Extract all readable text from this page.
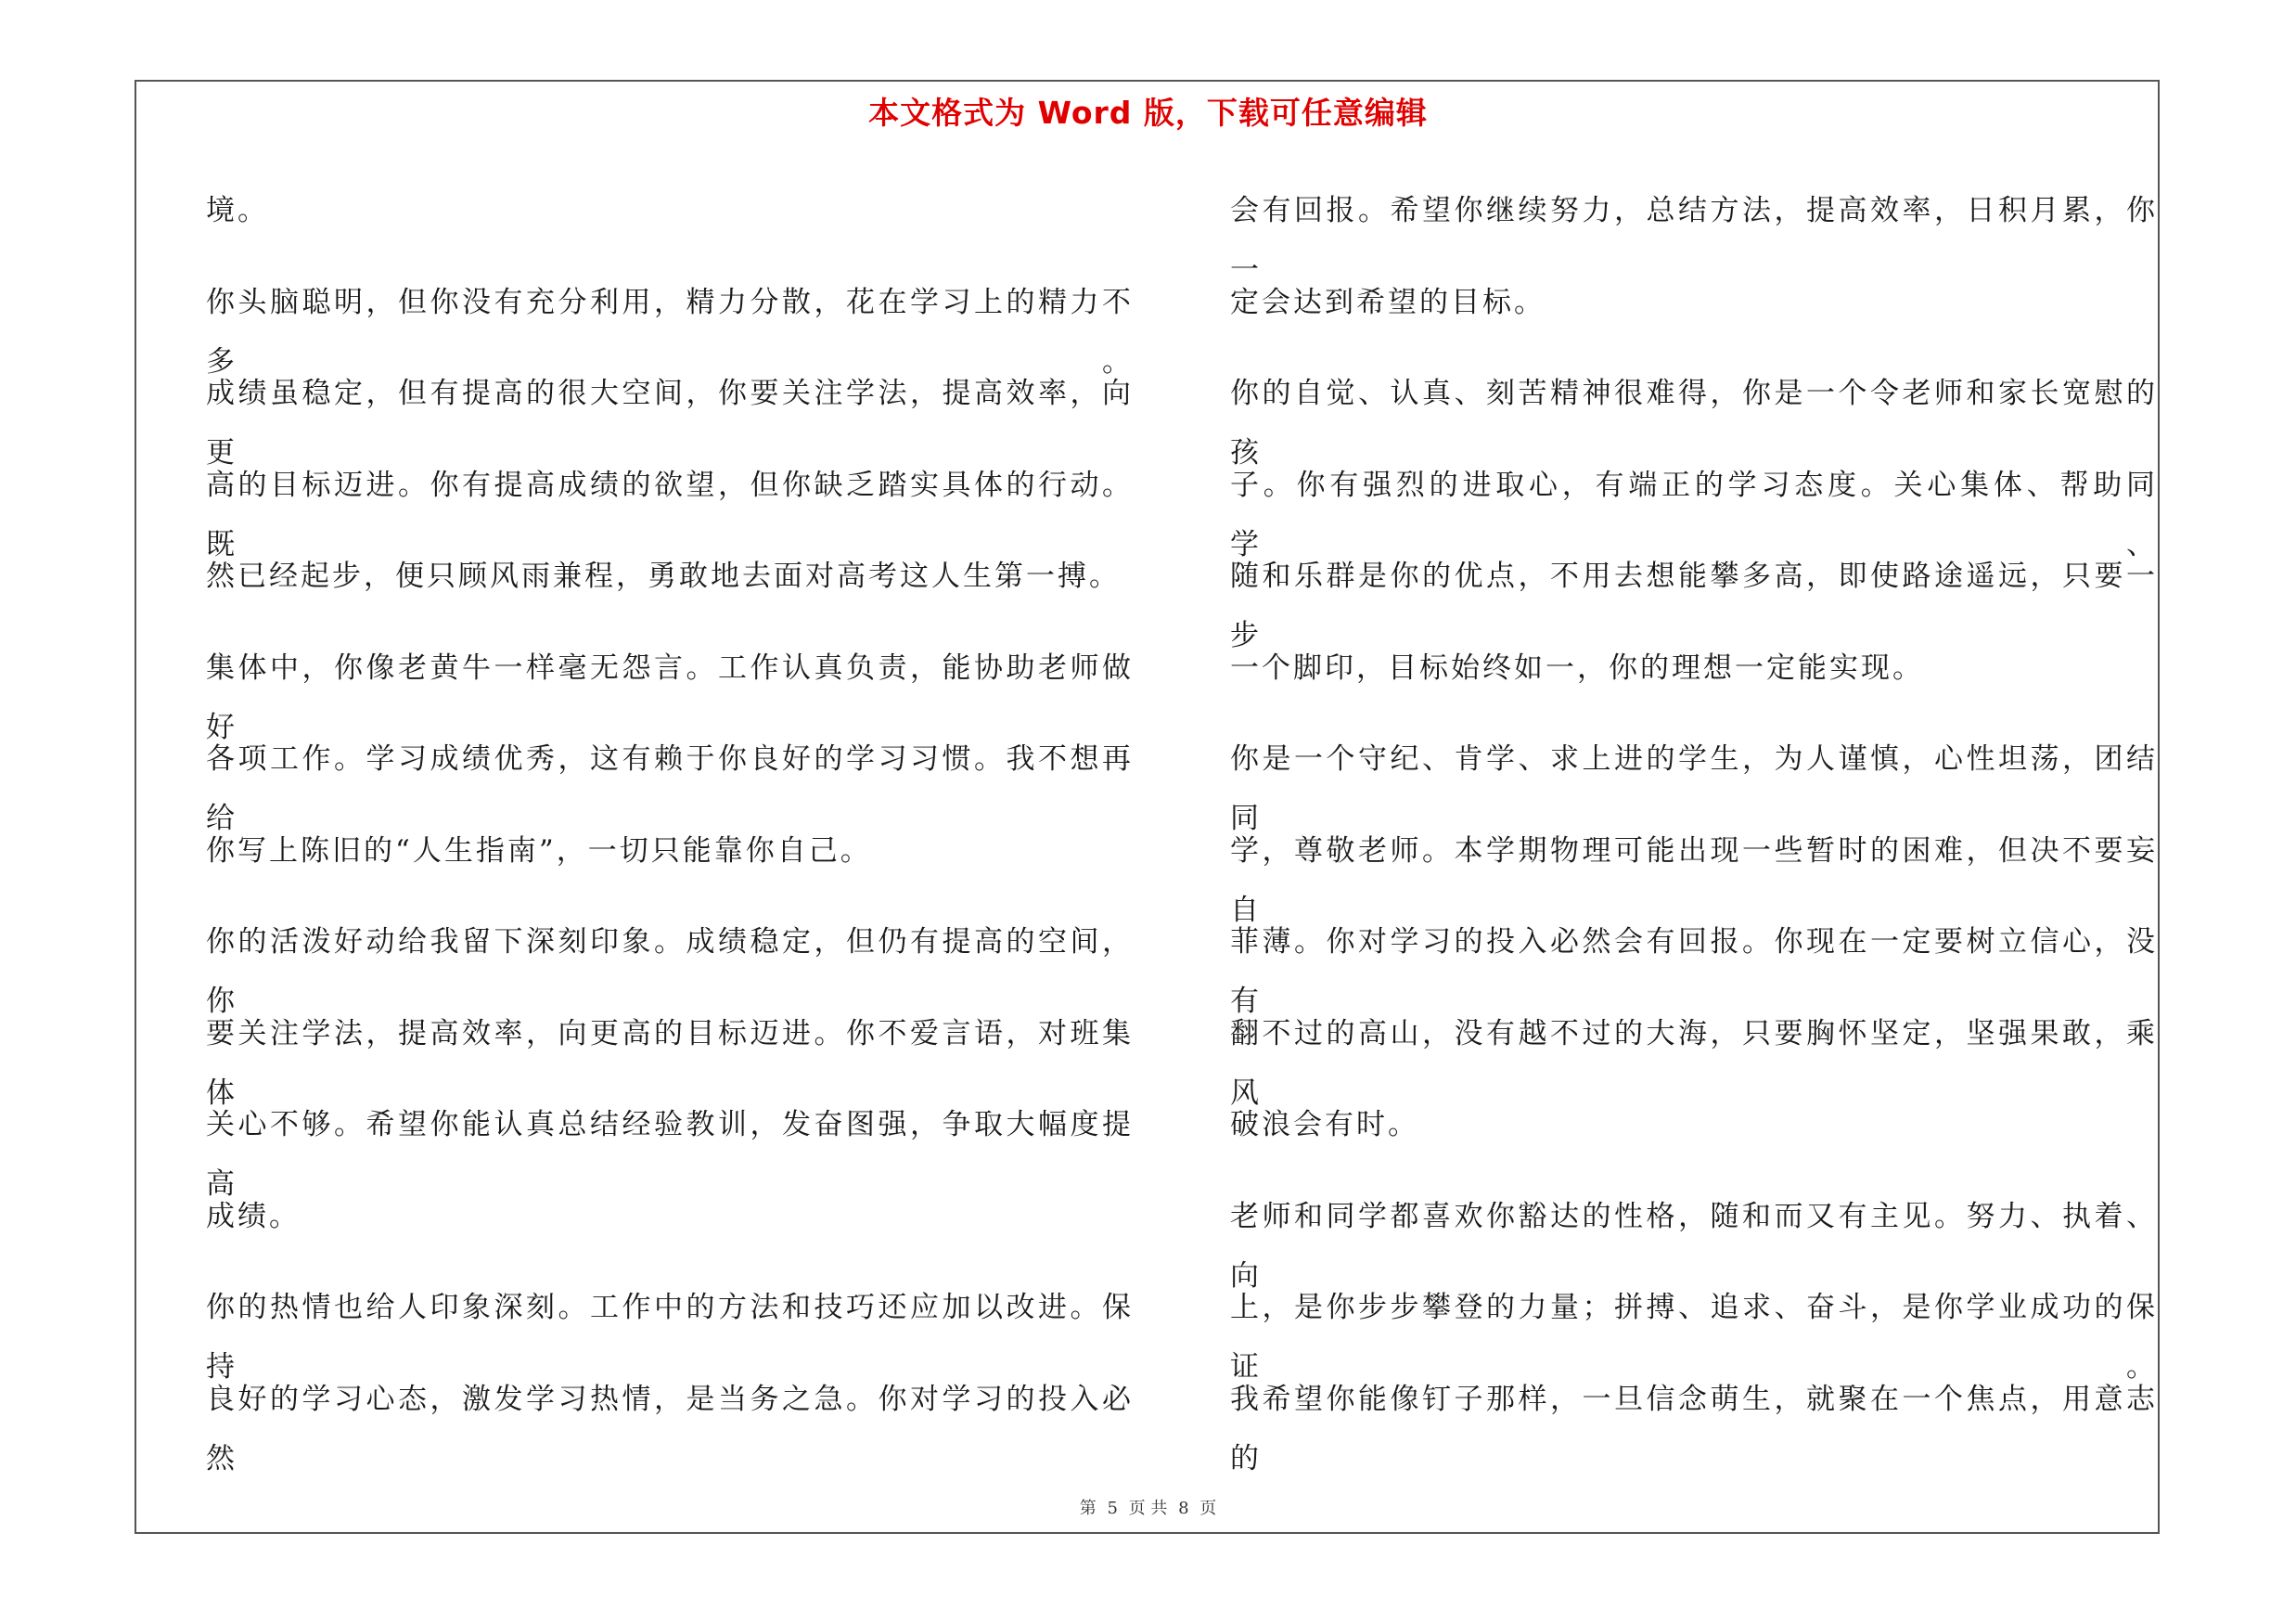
本文格式为 Word 版，下载可任意编辑
境。
你头脑聪明，但你没有充分利用，精力分散，花在学习上的精力不多。
成绩虽稳定，但有提高的很大空间，你要关注学法，提高效率，向更
高的目标迈进。你有提高成绩的欲望，但你缺乏踏实具体的行动。既
然已经起步，便只顾风雨兼程，勇敢地去面对高考这人生第一搏。
集体中，你像老黄牛一样毫无怨言。工作认真负责，能协助老师做好
各项工作。学习成绩优秀，这有赖于你良好的学习习惯。我不想再给
你写上陈旧的“人生指南”，一切只能靠你自己。
你的活泼好动给我留下深刻印象。成绩稳定，但仍有提高的空间，你
要关注学法，提高效率，向更高的目标迈进。你不爱言语，对班集体
关心不够。希望你能认真总结经验教训，发奋图强，争取大幅度提高
成绩。
你的热情也给人印象深刻。工作中的方法和技巧还应加以改进。保持
良好的学习心态，激发学习热情，是当务之急。你对学习的投入必然
会有回报。希望你继续努力，总结方法，提高效率，日积月累，你一
定会达到希望的目标。
你的自觉、认真、刻苦精神很难得，你是一个令老师和家长宽慰的孩
子。你有强烈的进取心，有端正的学习态度。关心集体、帮助同学、
随和乐群是你的优点，不用去想能攀多高，即使路途遥远，只要一步
一个脚印，目标始终如一，你的理想一定能实现。
你是一个守纪、肯学、求上进的学生，为人谨慎，心性坦荡，团结同
学，尊敬老师。本学期物理可能出现一些暂时的困难，但决不要妄自
菲薄。你对学习的投入必然会有回报。你现在一定要树立信心，没有
翻不过的高山，没有越不过的大海，只要胸怀坚定，坚强果敢，乘风
破浪会有时。
老师和同学都喜欢你豁达的性格，随和而又有主见。努力、执着、向
上，是你步步攀登的力量；拼搏、追求、奋斗，是你学业成功的保证。
我希望你能像钉子那样，一旦信念萌生，就聚在一个焦点，用意志的
第 5 页 共 8 页
